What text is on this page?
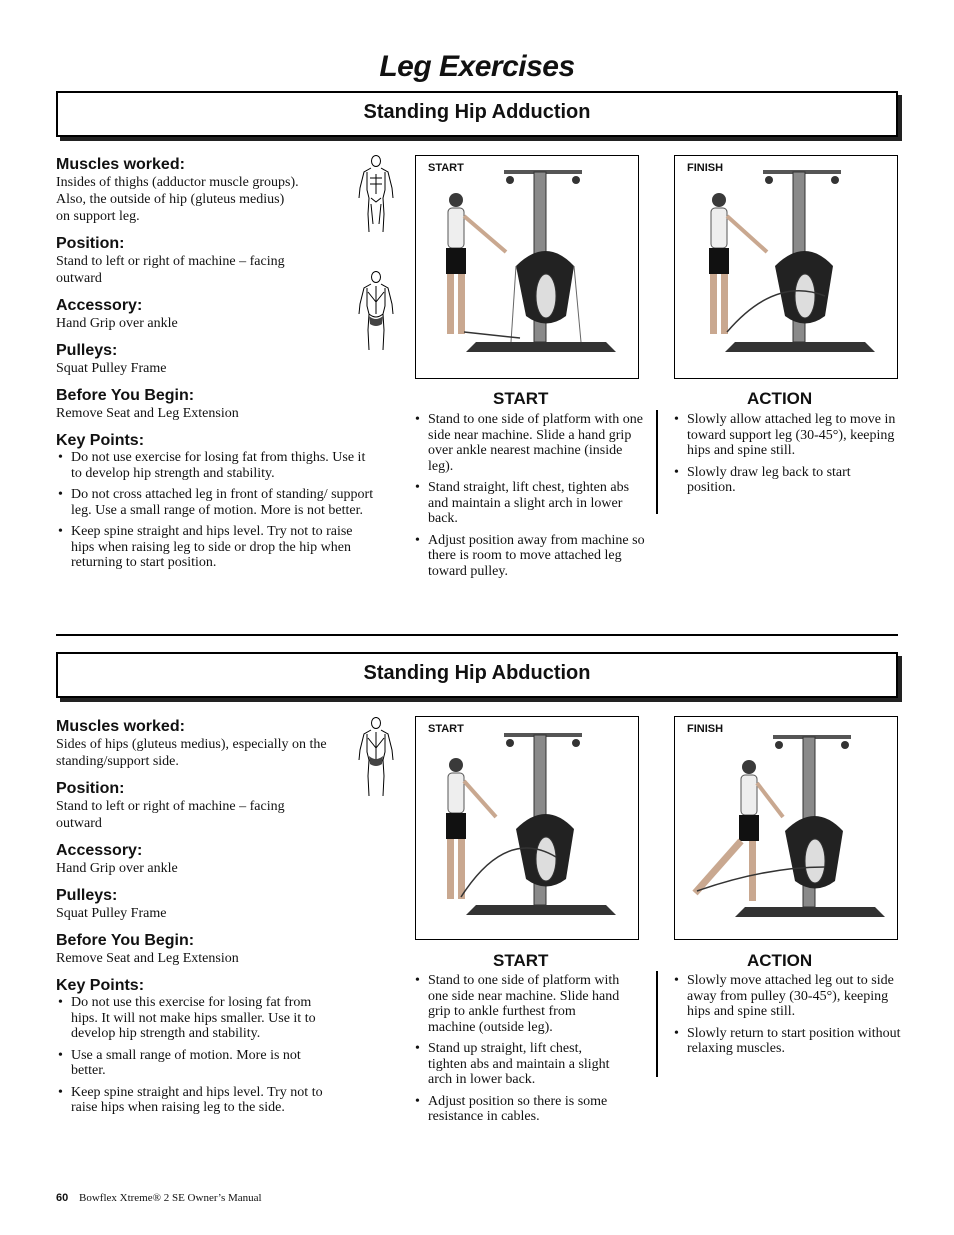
Leg Exercises
Standing Hip Adduction

Muscles worked:

Insides of thighs (adductor muscle groups). Also, the outside of hip (gluteus medius) on support leg.

Position:

Stand to left or right of machine – facing outward

Accessory:

Hand Grip over ankle

Pulleys:

Squat Pulley Frame

Before You Begin:

Remove Seat and Leg Extension

Key Points:

• Do not use exercise for losing fat from thighs. Use it to develop hip strength and stability.
• Do not cross attached leg in front of standing/ support leg. Use a small range of motion. More is not better.
• Keep spine straight and hips level. Try not to raise hips when raising leg to side or drop the hip when returning to start position.
START	FINISH
START	ACTION
• Stand to one side of platform with one side near machine. Slide a hand grip over ankle nearest machine (inside leg).
• Stand straight, lift chest, tighten abs and maintain a slight arch in lower back.
• Adjust position away from machine so there is room to move attached leg toward pulley.
• Slowly allow attached leg to move in toward support leg (30-45°), keeping hips and spine still.
• Slowly draw leg back to start position.
Standing Hip Abduction

Muscles worked:

Sides of hips (gluteus medius), especially on the standing/support side.

Position:

Stand to left or right of machine – facing outward

Accessory:

Hand Grip over ankle

Pulleys:

Squat Pulley Frame

Before You Begin:

Remove Seat and Leg Extension

Key Points:

• Do not use this exercise for losing fat from hips. It will not make hips smaller. Use it to develop hip strength and stability.
• Use a small range of motion. More is not better.
• Keep spine straight and hips level. Try not to raise hips when raising leg to the side.
START	FINISH
START	ACTION
• Stand to one side of platform with one side near machine. Slide hand grip to ankle furthest from machine (outside leg).
• Stand up straight, lift chest, tighten abs and maintain a slight arch in lower back.
• Adjust position so there is some resistance in cables.
• Slowly move attached leg out to side away from pulley (30-45°), keeping hips and spine still.
• Slowly return to start position without relaxing muscles.
60 Bowflex Xtreme® 2 SE Owner’s Manual
